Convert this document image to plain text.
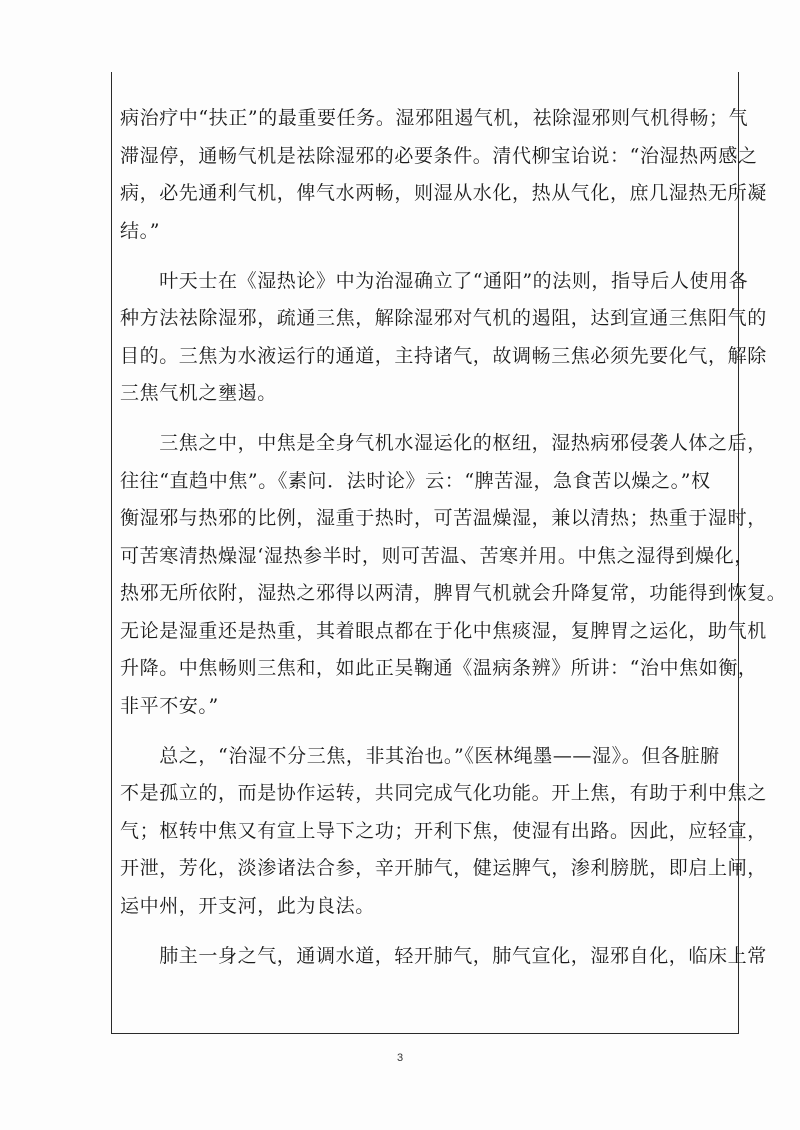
病治疗中“扶正”的最重要任务。湿邪阻遏气机，祛除湿邪则气机得畅；气
滞湿停，通畅气机是祛除湿邪的必要条件。清代柳宝诒说：“治湿热两感之
病，必先通利气机，俾气水两畅，则湿从水化，热从气化，庶几湿热无所凝
结。”
　　叶天士在《湿热论》中为治湿确立了“通阳”的法则，指导后人使用各
种方法祛除湿邪，疏通三焦，解除湿邪对气机的遏阻，达到宣通三焦阳气的
目的。三焦为水液运行的通道，主持诸气，故调畅三焦必须先要化气，解除
三焦气机之壅遏。
　　三焦之中，中焦是全身气机水湿运化的枢纽，湿热病邪侵袭人体之后，
往往“直趋中焦”。《素问．法时论》云：“脾苦湿，急食苦以燥之。”权
衡湿邪与热邪的比例，湿重于热时，可苦温燥湿，兼以清热；热重于湿时，
可苦寒清热燥湿‘湿热参半时，则可苦温、苦寒并用。中焦之湿得到燥化，
热邪无所依附，湿热之邪得以两清，脾胃气机就会升降复常，功能得到恢复。
无论是湿重还是热重，其着眼点都在于化中焦痰湿，复脾胃之运化，助气机
升降。中焦畅则三焦和，如此正吴鞠通《温病条辨》所讲：“治中焦如衡，
非平不安。”
　　总之，“治湿不分三焦，非其治也。”《医林绳墨——湿》。但各脏腑
不是孤立的，而是协作运转，共同完成气化功能。开上焦，有助于利中焦之
气；枢转中焦又有宣上导下之功；开利下焦，使湿有出路。因此，应轻宣，
开泄，芳化，淡渗诸法合参，辛开肺气，健运脾气，渗利膀胱，即启上闸，
运中州，开支河，此为良法。
　　肺主一身之气，通调水道，轻开肺气，肺气宣化，湿邪自化，临床上常
3
